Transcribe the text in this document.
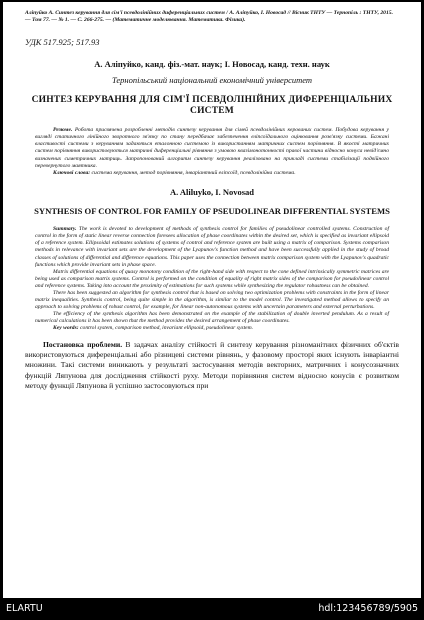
Аліпуйко А. Синтез керування для сім'ї псевдолінійних диференціальних систем / А. Аліпуйко, І. Новосад // Вісник ТНТУ — Тернопіль : ТНТУ, 2015. — Том 77. — № 1. — С. 266-275. — (Математичне моделювання. Математика. Фізика).

УДК 517.925; 517.93

А. Аліпуйко, канд. фіз.-мат. наук; І. Новосад, канд. техн. наук

Тернопільський національний економічний університет

СИНТЕЗ КЕРУВАННЯ ДЛЯ СІМ'Ї ПСЕВДОЛІНІЙНИХ ДИФЕРЕНЦІАЛЬНИХ СИСТЕМ

Резюме. Робота присвячена розробленні методів синтезу керування для сімей псевдолінійних керованих систем. Побудова керування у вигляді статичного лінійного зворотного зв'язку по стану передбачає забезпечення еліпсоїдального оцінювання розв'язку системи. Бажані властивості системи з керуванням задаються еталонною системою із використанням матричних систем порівняння. В якості матричних систем порівняння використовуються матричні диференціальні рівняння з умовою квазімонотонності правої частини відносно конуса невід'ємно визначених симетричних матриць. Запропонований алгоритм синтезу керування реалізовано на прикладі системи стабілізації подвійного перевернутого маятника.

Ключові слова: система керування, метод порівняння, інваріантний еліпсоїд, псевдолінійна система.

A. Aliluyko, I. Novosad

SYNTHESIS OF CONTROL FOR FAMILY OF PSEUDOLINEAR DIFFERENTIAL SYSTEMS

Summary. The work is devoted to development of methods of synthesis control for families of pseudolinear controlled systems. Construction of control in the form of static linear reverse connection foresees allocation of phase coordinates within the desired set, which is specified as invariant ellipsoid of a reference system. Ellipsoidal estimates solutions of systems of control and reference system are built using a matrix of comparison. Systems comparison methods in relevance with invariant sets are the development of the Lyapunov's function method and have been successfully applied in the study of broad classes of solutions of differential and difference equations. This paper uses the connection between matrix comparison system with the Lyapunov's quadratic functions which provide invariant sets in phase space.

Matrix differential equations of quasy monotony condition of the right-hand side with respect to the cone defined intrinsically symmetric matrices are being used as comparison matrix systems. Control is performed on the condition of equality of right matrix sides of the comparison for pseudolinear control and reference systems. Taking into account the proximity of estimations for such systems while synthesizing the regulator robustness can be obtained.

There has been suggested an algorithm for synthesis control that is based on solving two optimization problems with constraints in the form of linear matrix inequalities. Synthesis control, being quite simple in the algorithm, is similar to the model control. The investigated method allows to specify an approach to solving problems of robust control, for example, for linear non-autonomous systems with uncertain parameters and external perturbations.

The efficiency of the synthesis algorithm has been demonstrated on the example of the stabilization of double inverted pendulum. As a result of numerical calculations it has been shown that the method provides the desired arrangement of phase coordinates.

Key words: control system, comparison method, invariant ellipsoid, pseudolinear system.

Постановка проблеми. В задачах аналізу стійкості й синтезу керування різноманітних фізичних об'єктів використовуються диференціальні або різницеві системи рівнянь, у фазовому просторі яких існують інваріантні множини. Такі системи виникають у результаті застосування методів векторних, матричних і конусозначних функцій Ляпунова для дослідження стійкості руху. Методи порівняння систем відносно конусів є розвитком методу функції Ляпунова й успішно застосовуються при

ELARTU	hdl:123456789/5905
